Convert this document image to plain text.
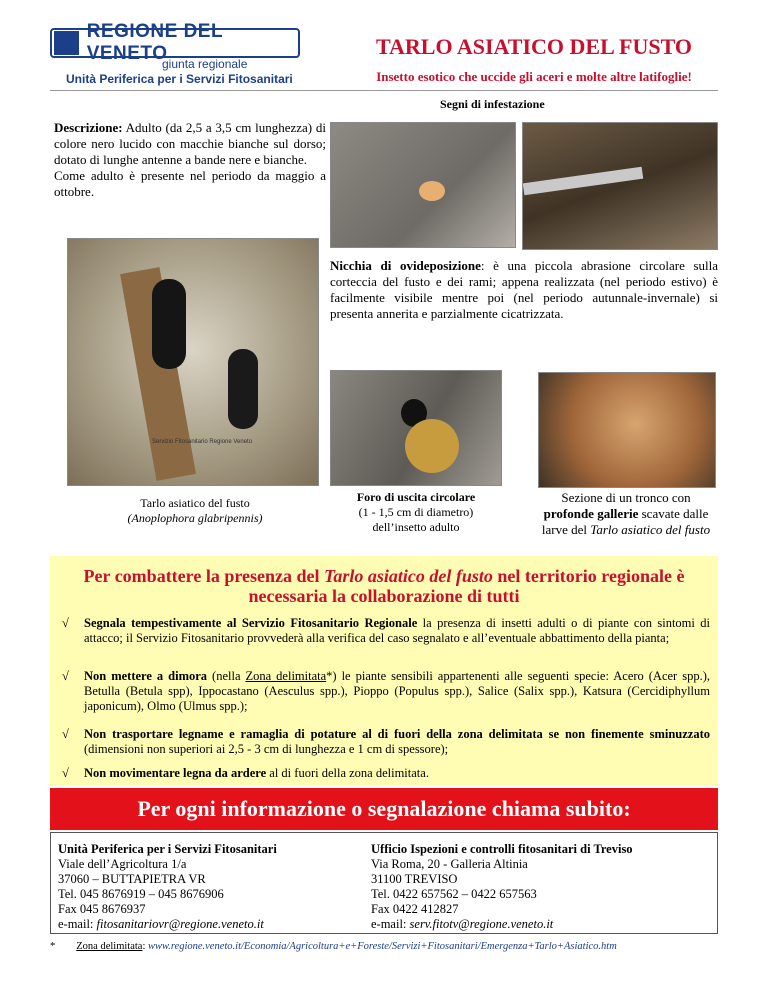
REGIONE DEL VENETO
giunta regionale
Unità Periferica per i Servizi Fitosanitari
TARLO ASIATICO DEL FUSTO
Insetto esotico che uccide gli aceri e molte altre latifoglie!
Segni di infestazione
Descrizione: Adulto (da 2,5 a 3,5 cm lunghezza) di colore nero lucido con macchie bianche sul dorso; dotato di lunghe antenne a bande nere e bianche.
Come adulto è presente nel periodo da maggio a ottobre.
Servizio Fitosanitario Regione Veneto
Nicchia di ovideposizione: è una piccola abrasione circolare sulla corteccia del fusto e dei rami; appena realizzata (nel periodo estivo) è facilmente visibile mentre poi (nel periodo autunnale-invernale) si presenta annerita e parzialmente cicatrizzata.
Tarlo asiatico del fusto
(Anoplophora glabripennis)
Foro di uscita circolare
(1 - 1,5 cm di diametro)
dell’insetto adulto
Sezione di un tronco con
profonde gallerie scavate dalle larve del Tarlo asiatico del fusto
Per combattere la presenza del Tarlo asiatico del fusto nel territorio regionale è necessaria la collaborazione di tutti
√	Segnala tempestivamente al Servizio Fitosanitario Regionale la presenza di insetti adulti o di piante con sintomi di attacco; il Servizio Fitosanitario provvederà alla verifica del caso segnalato e all’eventuale abbattimento della pianta;
√	Non mettere a dimora (nella Zona delimitata*) le piante sensibili appartenenti alle seguenti specie: Acero (Acer spp.), Betulla (Betula spp), Ippocastano (Aesculus spp.), Pioppo (Populus spp.), Salice (Salix spp.), Katsura (Cercidiphyllum japonicum), Olmo (Ulmus spp.);
√	Non trasportare legname e ramaglia di potature al di fuori della zona delimitata se non finemente sminuzzato (dimensioni non superiori ai 2,5 - 3 cm di lunghezza e 1 cm di spessore);
√	Non movimentare legna da ardere al di fuori della zona delimitata.
Per ogni informazione o segnalazione chiama subito:
Unità Periferica per i Servizi Fitosanitari
Viale dell’Agricoltura 1/a
37060 – BUTTAPIETRA VR
Tel. 045 8676919 – 045 8676906
Fax 045 8676937
e-mail: fitosanitariovr@regione.veneto.it
Ufficio Ispezioni e controlli fitosanitari di Treviso
Via Roma, 20 - Galleria Altinia
31100 TREVISO
Tel. 0422 657562 – 0422 657563
Fax 0422 412827
e-mail: serv.fitotv@regione.veneto.it
* Zona delimitata: www.regione.veneto.it/Economia/Agricoltura+e+Foreste/Servizi+Fitosanitari/Emergenza+Tarlo+Asiatico.htm
